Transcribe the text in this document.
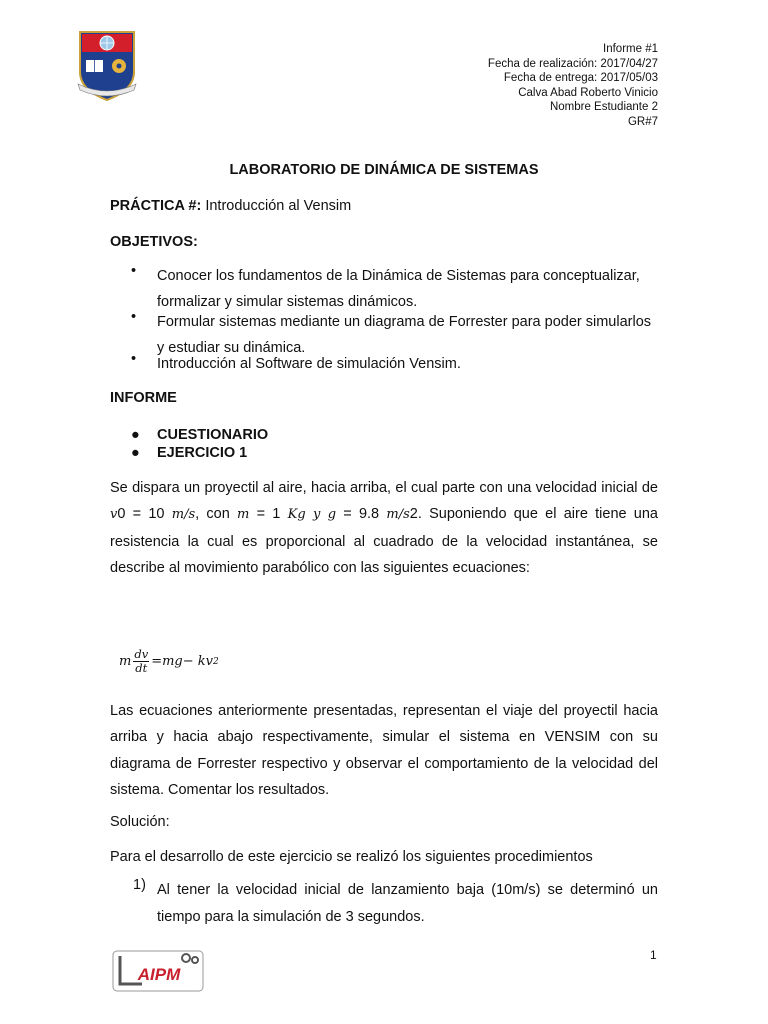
Informe #1
Fecha de realización: 2017/04/27
Fecha de entrega: 2017/05/03
Calva Abad Roberto Vinicio
Nombre Estudiante 2
GR#7
LABORATORIO DE DINÁMICA DE SISTEMAS
PRÁCTICA #: Introducción al Vensim
OBJETIVOS:
• Conocer los fundamentos de la Dinámica de Sistemas para conceptualizar, formalizar y simular sistemas dinámicos.
• Formular sistemas mediante un diagrama de Forrester para poder simularlos y estudiar su dinámica.
• Introducción al Software de simulación Vensim.
INFORME
● CUESTIONARIO
● EJERCICIO 1
Se dispara un proyectil al aire, hacia arriba, el cual parte con una velocidad inicial de v0 = 10 m/s, con m = 1 Kg y g = 9.8 m/s2. Suponiendo que el aire tiene una resistencia la cual es proporcional al cuadrado de la velocidad instantánea, se describe al movimiento parabólico con las siguientes ecuaciones:
m $\frac{dv}{dt} =mg-$ kv 2
Las ecuaciones anteriormente presentadas, representan el viaje del proyectil hacia arriba y hacia abajo respectivamente, simular el sistema en VENSIM con su diagrama de Forrester respectivo y observar el comportamiento de la velocidad del sistema. Comentar los resultados.
Solución:
Para el desarrollo de este ejercicio se realizó los siguientes procedimientos
1) Al tener la velocidad inicial de lanzamiento baja (10m/s) se determinó un tiempo para la simulación de 3 segundos.
1
AIPM
